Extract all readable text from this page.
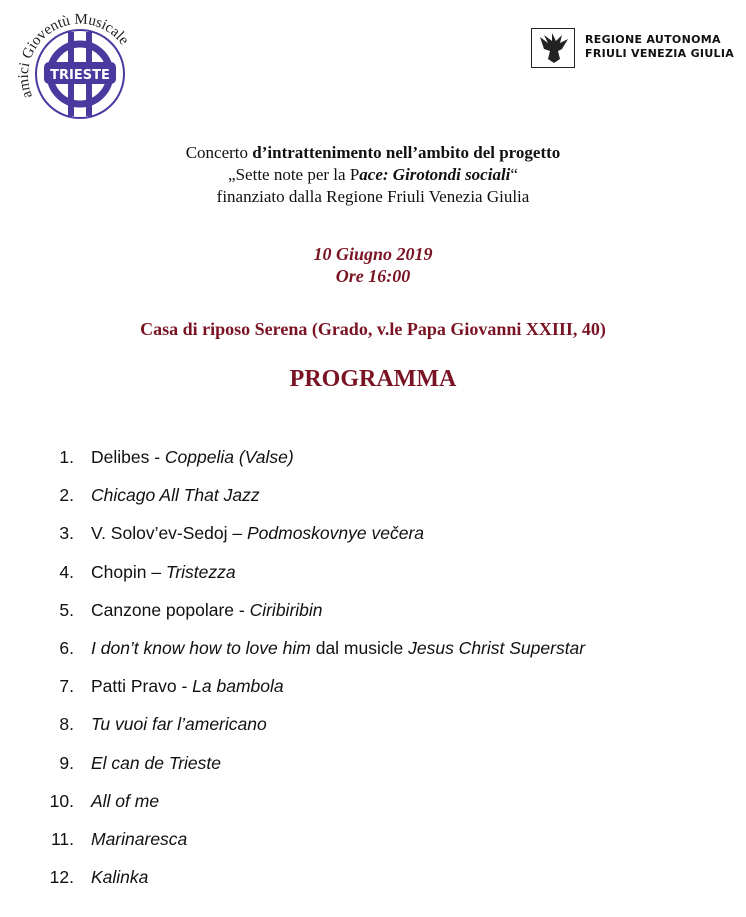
TRIESTE
amici Gioventù Musicale	REGIONE AUTONOMA
FRIULI VENEZIA GIULIA
Concerto d’intrattenimento nell’ambito del progetto
„Sette note per la Pace: Girotondi sociali“
finanziato dalla Regione Friuli Venezia Giulia
10 Giugno 2019
Ore 16:00
Casa di riposo Serena (Grado, v.le Papa Giovanni XXIII, 40)
PROGRAMMA
1. Delibes - Coppelia (Valse)
2. Chicago All That Jazz
3. V. Solov’ev-Sedoj – Podmoskovnye večera
4. Chopin – Tristezza
5. Canzone popolare - Ciribiribin
6. I don’t know how to love him dal musicle Jesus Christ Superstar
7. Patti Pravo - La bambola
8. Tu vuoi far l’americano
9. El can de Trieste
10. All of me
11. Marinaresca
12. Kalinka
